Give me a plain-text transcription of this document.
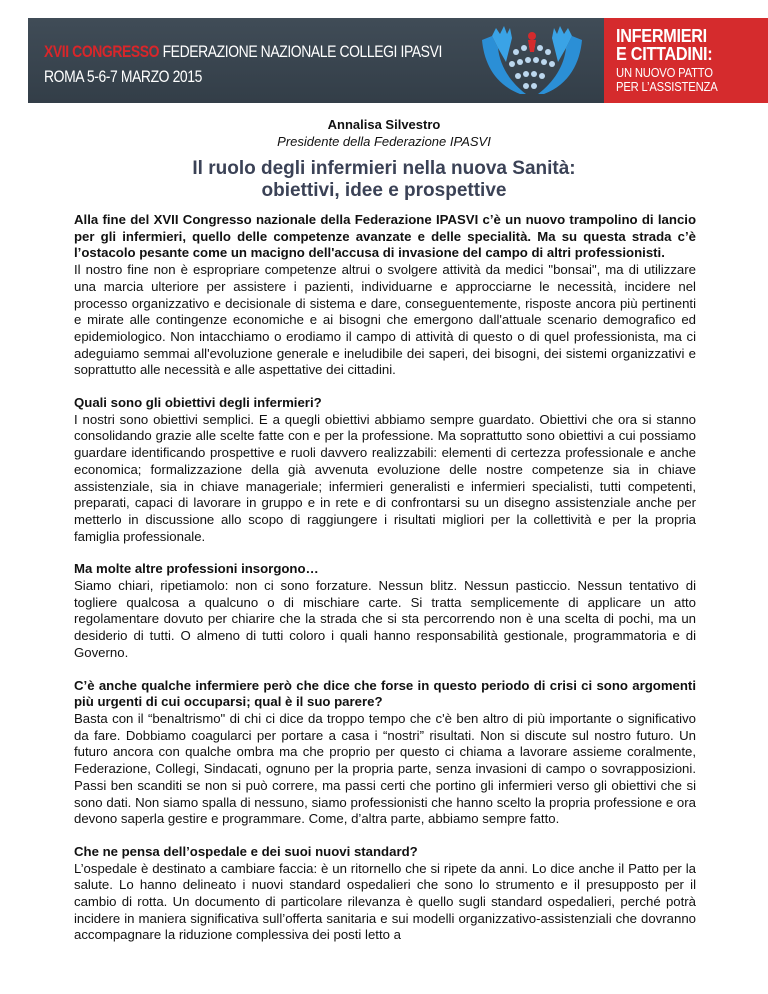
XVII CONGRESSO FEDERAZIONE NAZIONALE COLLEGI IPASVI
ROMA 5-6-7 MARZO 2015
INFERMIERI
E CITTADINI:
UN NUOVO PATTO
PER L’ASSISTENZA
Annalisa Silvestro
Presidente della Federazione IPASVI
Il ruolo degli infermieri nella nuova Sanità:
obiettivi, idee e prospettive

Alla fine del XVII Congresso nazionale della Federazione IPASVI c’è un nuovo trampolino di lancio per gli infermieri, quello delle competenze avanzate e delle specialità. Ma su questa strada c’è l’ostacolo pesante come un macigno dell'accusa di invasione del campo di altri professionisti.

Il nostro fine non è espropriare competenze altrui o svolgere attività da medici "bonsai", ma di utilizzare una marcia ulteriore per assistere i pazienti, individuarne e approcciarne le necessità, incidere nel processo organizzativo e decisionale di sistema e dare, conseguentemente, risposte ancora più pertinenti e mirate alle contingenze economiche e ai bisogni che emergono dall'attuale scenario demografico ed epidemiologico. Non intacchiamo o erodiamo il campo di attività di questo o di quel professionista, ma ci adeguiamo semmai all'evoluzione generale e ineludibile dei saperi, dei bisogni, dei sistemi organizzativi e soprattutto alle necessità e alle aspettative dei cittadini.

Quali sono gli obiettivi degli infermieri?

I nostri sono obiettivi semplici. E a quegli obiettivi abbiamo sempre guardato. Obiettivi che ora si stanno consolidando grazie alle scelte fatte con e per la professione. Ma soprattutto sono obiettivi a cui possiamo guardare identificando prospettive e ruoli davvero realizzabili: elementi di certezza professionale e anche economica; formalizzazione della già avvenuta evoluzione delle nostre competenze sia in chiave assistenziale, sia in chiave manageriale; infermieri generalisti e infermieri specialisti, tutti competenti, preparati, capaci di lavorare in gruppo e in rete e di confrontarsi su un disegno assistenziale anche per metterlo in discussione allo scopo di raggiungere i risultati migliori per la collettività e per la propria famiglia professionale.

Ma molte altre professioni insorgono…

Siamo chiari, ripetiamolo: non ci sono forzature. Nessun blitz. Nessun pasticcio. Nessun tentativo di togliere qualcosa a qualcuno o di mischiare carte. Si tratta semplicemente di applicare un atto regolamentare dovuto per chiarire che la strada che si sta percorrendo non è una scelta di pochi, ma un desiderio di tutti. O almeno di tutti coloro i quali hanno responsabilità gestionale, programmatoria e di Governo.

C’è anche qualche infermiere però che dice che forse in questo periodo di crisi ci sono argomenti più urgenti di cui occuparsi; qual è il suo parere?

Basta con il “benaltrismo" di chi ci dice da troppo tempo che c'è ben altro di più importante o significativo da fare. Dobbiamo coagularci per portare a casa i “nostri” risultati. Non si discute sul nostro futuro. Un futuro ancora con qualche ombra ma che proprio per questo ci chiama a lavorare assieme coralmente, Federazione, Collegi, Sindacati, ognuno per la propria parte, senza invasioni di campo o sovrapposizioni. Passi ben scanditi se non si può correre, ma passi certi che portino gli infermieri verso gli obiettivi che si sono dati. Non siamo spalla di nessuno, siamo professionisti che hanno scelto la propria professione e ora devono saperla gestire e programmare. Come, d’altra parte, abbiamo sempre fatto.

Che ne pensa dell’ospedale e dei suoi nuovi standard?

L’ospedale è destinato a cambiare faccia: è un ritornello che si ripete da anni. Lo dice anche il Patto per la salute. Lo hanno delineato i nuovi standard ospedalieri che sono lo strumento e il presupposto per il cambio di rotta. Un documento di particolare rilevanza è quello sugli standard ospedalieri, perché potrà incidere in maniera significativa sull’offerta sanitaria e sui modelli organizzativo-assistenziali che dovranno accompagnare la riduzione complessiva dei posti letto a
